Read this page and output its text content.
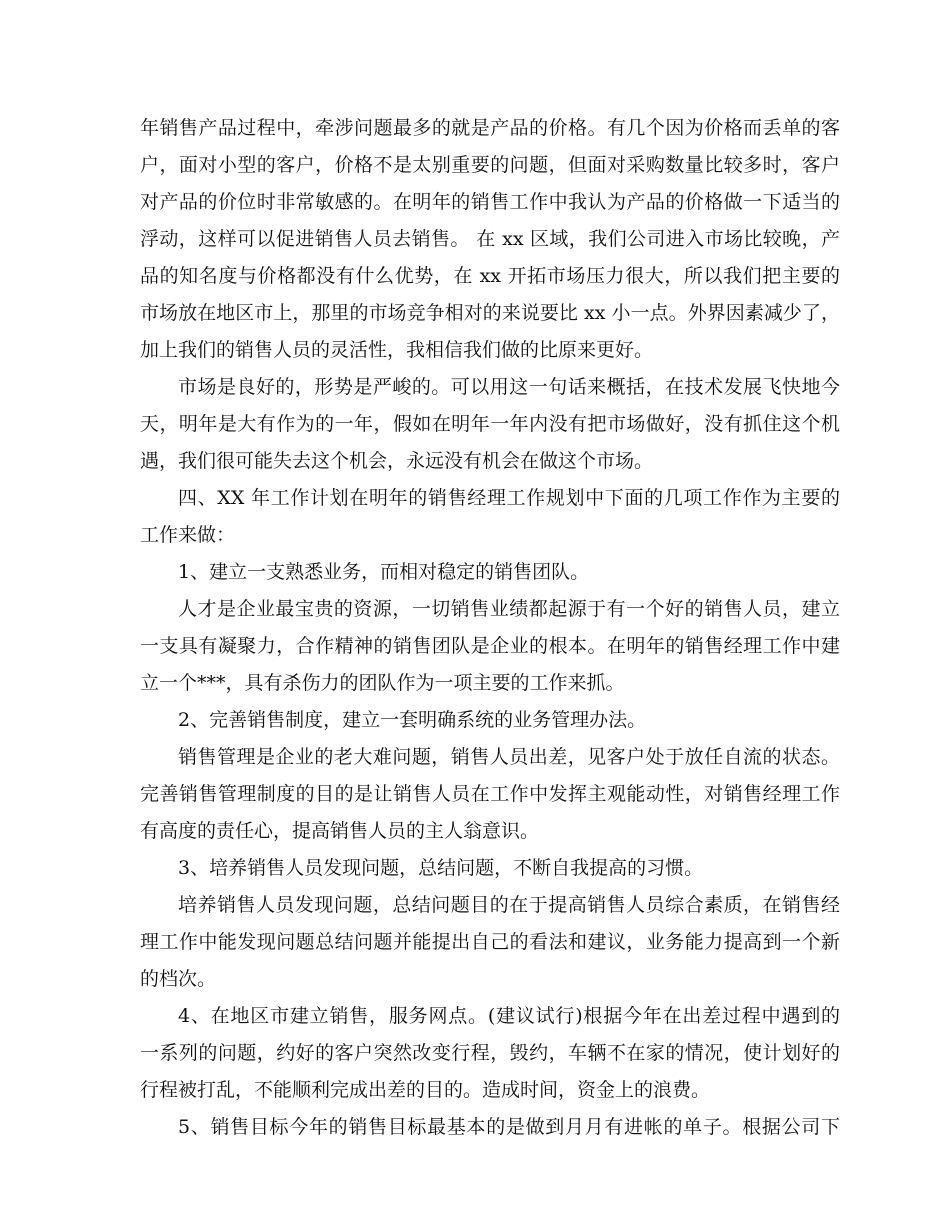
年销售产品过程中，牵涉问题最多的就是产品的价格。有几个因为价格而丢单的客
户，面对小型的客户，价格不是太别重要的问题，但面对采购数量比较多时，客户
对产品的价位时非常敏感的。在明年的销售工作中我认为产品的价格做一下适当的
浮动，这样可以促进销售人员去销售。 在 xx 区域，我们公司进入市场比较晚，产
品的知名度与价格都没有什么优势，在 xx 开拓市场压力很大，所以我们把主要的
市场放在地区市上，那里的市场竞争相对的来说要比 xx 小一点。外界因素减少了，
加上我们的销售人员的灵活性，我相信我们做的比原来更好。
市场是良好的，形势是严峻的。可以用这一句话来概括，在技术发展飞快地今
天，明年是大有作为的一年，假如在明年一年内没有把市场做好，没有抓住这个机
遇，我们很可能失去这个机会，永远没有机会在做这个市场。
四、XX 年工作计划在明年的销售经理工作规划中下面的几项工作作为主要的
工作来做：
1、建立一支熟悉业务，而相对稳定的销售团队。
人才是企业最宝贵的资源，一切销售业绩都起源于有一个好的销售人员，建立
一支具有凝聚力，合作精神的销售团队是企业的根本。在明年的销售经理工作中建
立一个***，具有杀伤力的团队作为一项主要的工作来抓。
2、完善销售制度，建立一套明确系统的业务管理办法。
销售管理是企业的老大难问题，销售人员出差，见客户处于放任自流的状态。
完善销售管理制度的目的是让销售人员在工作中发挥主观能动性，对销售经理工作
有高度的责任心，提高销售人员的主人翁意识。
3、培养销售人员发现问题，总结问题，不断自我提高的习惯。
培养销售人员发现问题，总结问题目的在于提高销售人员综合素质，在销售经
理工作中能发现问题总结问题并能提出自己的看法和建议，业务能力提高到一个新
的档次。
4、在地区市建立销售，服务网点。(建议试行)根据今年在出差过程中遇到的
一系列的问题，约好的客户突然改变行程，毁约，车辆不在家的情况，使计划好的
行程被打乱，不能顺利完成出差的目的。造成时间，资金上的浪费。
5、销售目标今年的销售目标最基本的是做到月月有进帐的单子。根据公司下
